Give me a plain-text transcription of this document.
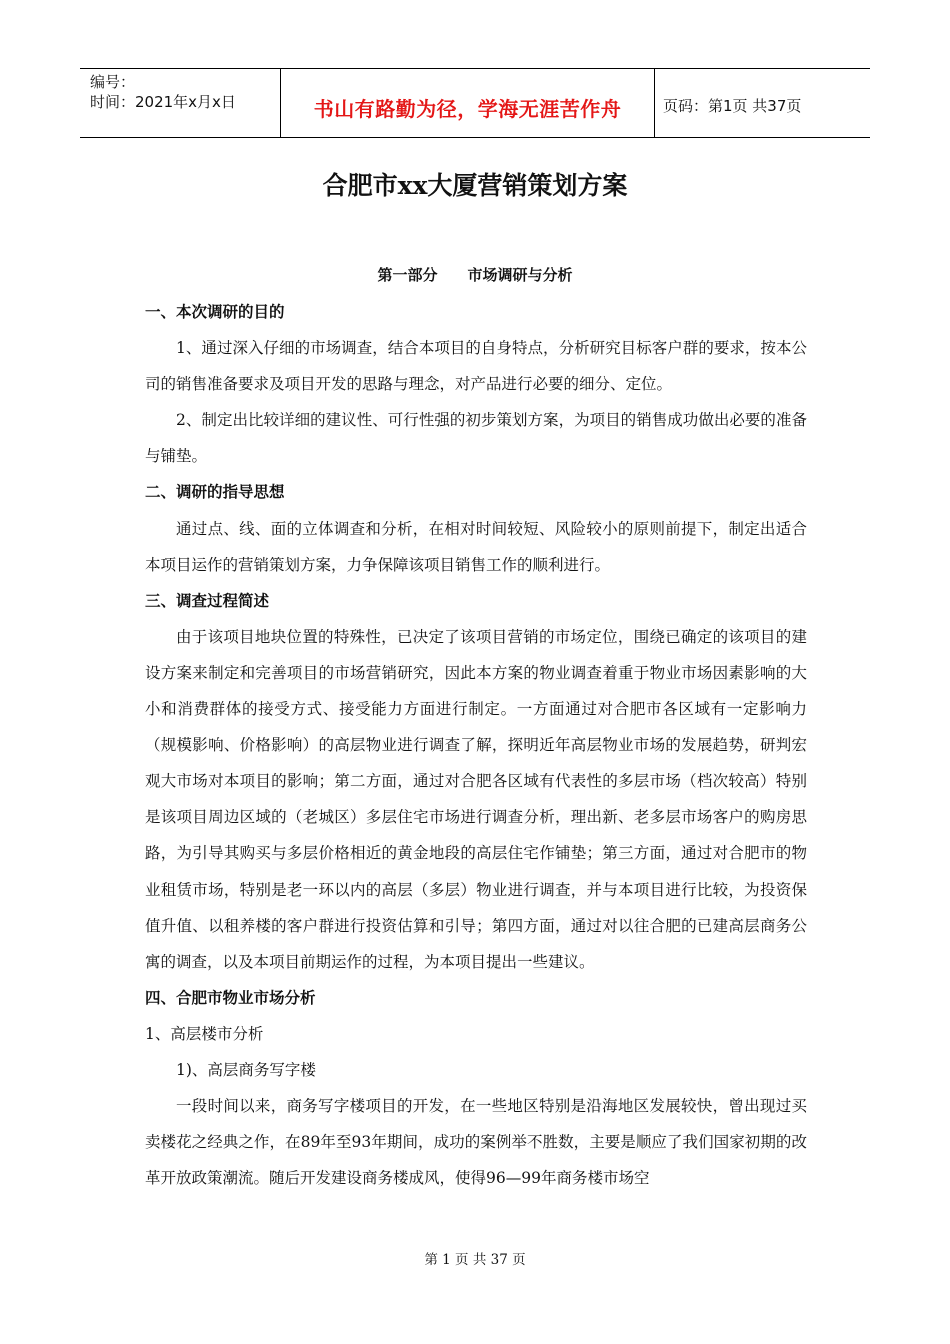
编号：
时间：2021年x月x日	书山有路勤为径，学海无涯苦作舟	页码：第1页 共37页
合肥市xx大厦营销策划方案
第一部分 市场调研与分析

一、本次调研的目的

1、通过深入仔细的市场调查，结合本项目的自身特点，分析研究目标客户群的要求，按本公司的销售准备要求及项目开发的思路与理念，对产品进行必要的细分、定位。

2、制定出比较详细的建议性、可行性强的初步策划方案，为项目的销售成功做出必要的准备与铺垫。

二、调研的指导思想

通过点、线、面的立体调查和分析，在相对时间较短、风险较小的原则前提下，制定出适合本项目运作的营销策划方案，力争保障该项目销售工作的顺利进行。

三、调查过程简述

由于该项目地块位置的特殊性，已决定了该项目营销的市场定位，围绕已确定的该项目的建设方案来制定和完善项目的市场营销研究，因此本方案的物业调查着重于物业市场因素影响的大小和消费群体的接受方式、接受能力方面进行制定。一方面通过对合肥市各区域有一定影响力（规模影响、价格影响）的高层物业进行调查了解，探明近年高层物业市场的发展趋势，研判宏观大市场对本项目的影响；第二方面，通过对合肥各区域有代表性的多层市场（档次较高）特别是该项目周边区域的（老城区）多层住宅市场进行调查分析，理出新、老多层市场客户的购房思路，为引导其购买与多层价格相近的黄金地段的高层住宅作铺垫；第三方面，通过对合肥市的物业租赁市场，特别是老一环以内的高层（多层）物业进行调查，并与本项目进行比较，为投资保值升值、以租养楼的客户群进行投资估算和引导；第四方面，通过对以往合肥的已建高层商务公寓的调查，以及本项目前期运作的过程，为本项目提出一些建议。

四、合肥市物业市场分析

1、高层楼市分析

1)、高层商务写字楼

一段时间以来，商务写字楼项目的开发，在一些地区特别是沿海地区发展较快，曾出现过买卖楼花之经典之作，在89年至93年期间，成功的案例举不胜数，主要是顺应了我们国家初期的改革开放政策潮流。随后开发建设商务楼成风，使得96—99年商务楼市场空

第 1 页 共 37 页
